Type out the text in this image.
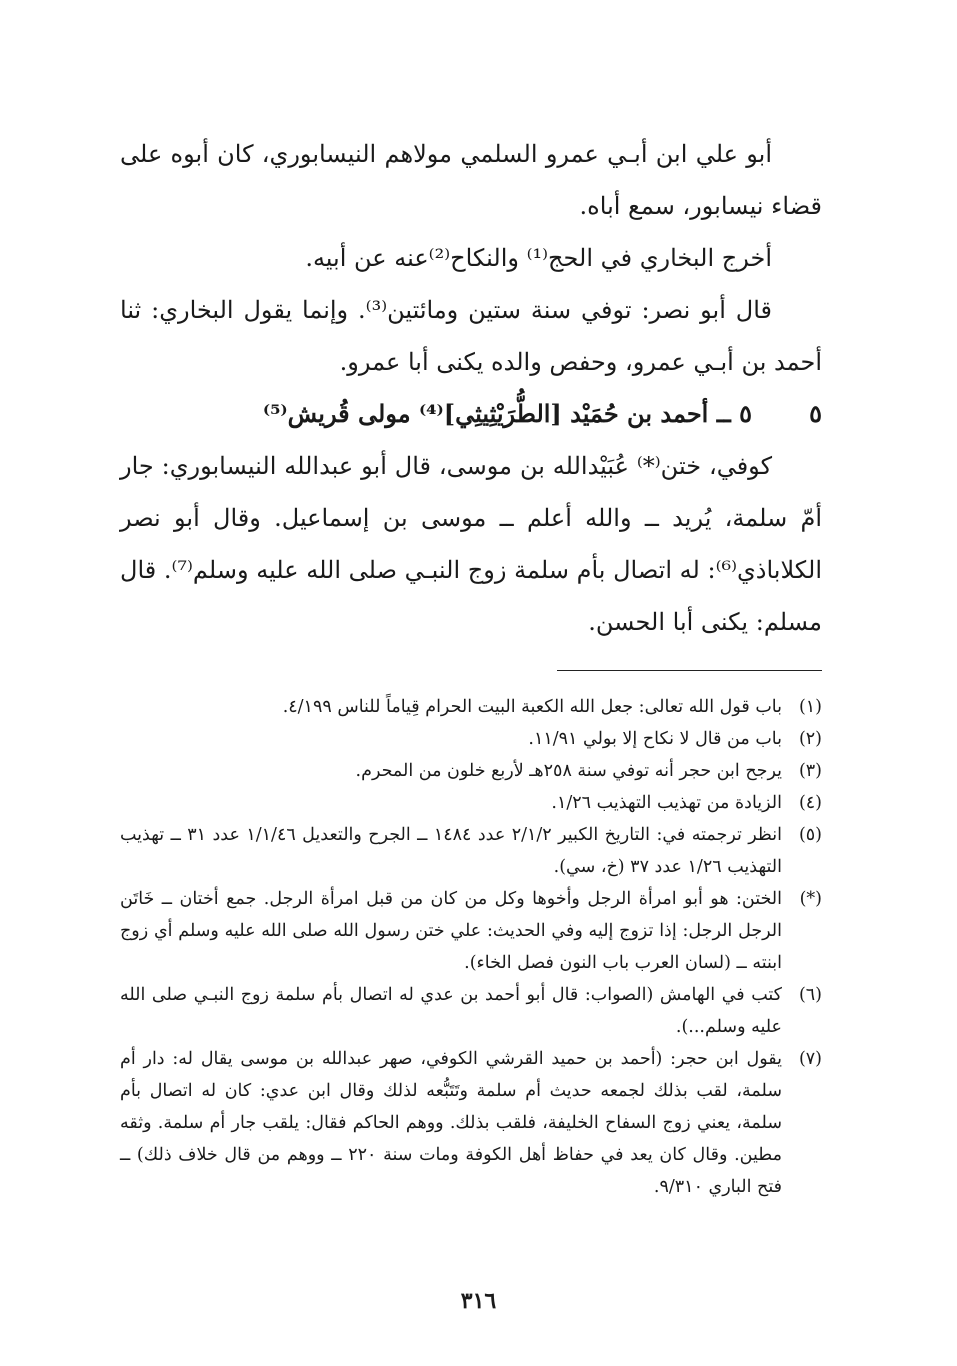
أبو علي ابن أبـي عمرو السلمي مولاهم النيسابوري، كان أبوه على قضاء نيسابور، سمع أباه.

أخرج البخاري في الحج⁽¹⁾ والنكاح⁽²⁾عنه عن أبيه.

قال أبو نصر: توفي سنة ستين ومائتين⁽³⁾. وإنما يقول البخاري: ثنا أحمد بن أبـي عمرو، وحفص والده يكنى أبا عمرو.

٥
٥ ــ أحمد بن حُمَيْد [الطُّرَيْثِيثِي]⁽⁴⁾ مولى قُريش⁽⁵⁾

كوفي، ختن⁽*⁾ عُبَيْدالله بن موسى، قال أبو عبدالله النيسابوري: جار أمّ سلمة، يُريد ــ والله أعلم ــ موسى بن إسماعيل. وقال أبو نصر الكلاباذي⁽⁶⁾: له اتصال بأم سلمة زوج النبـي صلى الله عليه وسلم⁽⁷⁾. قال مسلم: يكنى أبا الحسن.

(١)
باب قول الله تعالى: جعل الله الكعبة البيت الحرام قِياماً للناس ٤/١٩٩.
(٢)
باب من قال لا نكاح إلا بولي ١١/٩١.
(٣)
يرجح ابن حجر أنه توفي سنة ٢٥٨هـ لأربع خلون من المحرم.
(٤)
الزيادة من تهذيب التهذيب ١/٢٦.
(٥)
انظر ترجمته في: التاريخ الكبير ٢/١/٢ عدد ١٤٨٤ ــ الجرح والتعديل ١/١/٤٦ عدد ٣١ ــ تهذيب التهذيب ١/٢٦ عدد ٣٧ (خ، سي).
(*)
الختن: هو أبو امرأة الرجل وأخوها وكل من كان من قبل امرأة الرجل. جمع أختان ــ خَاتَن الرجل الرجل: إذا تزوج إليه وفي الحديث: علي ختن رسول الله صلى الله عليه وسلم أي زوج ابنته ــ (لسان العرب باب النون فصل الخاء).
(٦)
كتب في الهامش (الصواب: قال أبو أحمد بن عدي له اتصال بأم سلمة زوج النبـي صلى الله عليه وسلم...).
(٧)
يقول ابن حجر: (أحمد بن حميد القرشي الكوفي، صهر عبدالله بن موسى يقال له: دار أم سلمة، لقب بذلك لجمعه حديث أم سلمة وتَتَبُّعه لذلك وقال ابن عدي: كان له اتصال بأم سلمة، يعني زوج السفاح الخليفة، فلقب بذلك. ووهم الحاكم فقال: يلقب جار أم سلمة. وثقه مطين. وقال كان يعد في حفاظ أهل الكوفة ومات سنة ٢٢٠ ــ ووهم من قال خلاف ذلك) ــ فتح الباري ٩/٣١٠.
٣١٦
